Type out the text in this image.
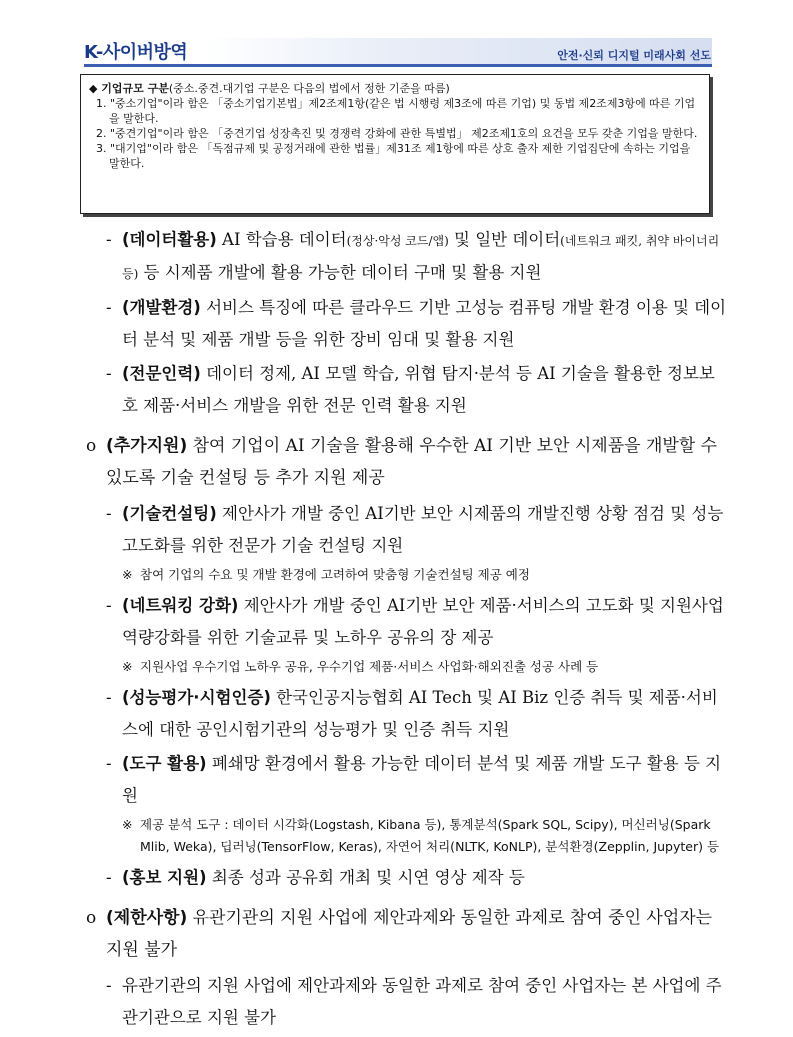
K-사이버방역	안전·신뢰 디지털 미래사회 선도
◆ 기업규모 구분(중소.중견.대기업 구분은 다음의 법에서 정한 기준을 따름)
1. "중소기업"이라 함은 「중소기업기본법」제2조제1항(같은 법 시행령 제3조에 따른 기업) 및 동법 제2조제3항에 따른 기업을 말한다.
2. "중견기업"이라 함은 「중견기업 성장촉진 및 경쟁력 강화에 관한 특별법」 제2조제1호의 요건을 모두 갖춘 기업을 말한다.
3. "대기업"이라 함은 「독점규제 및 공정거래에 관한 법률」제31조 제1항에 따른 상호 출자 제한 기업집단에 속하는 기업을 말한다.
- (데이터활용) AI 학습용 데이터(정상·악성 코드/앱) 및 일반 데이터(네트워크 패킷, 취약 바이너리 등) 등 시제품 개발에 활용 가능한 데이터 구매 및 활용 지원
- (개발환경) 서비스 특징에 따른 클라우드 기반 고성능 컴퓨팅 개발 환경 이용 및 데이터 분석 및 제품 개발 등을 위한 장비 임대 및 활용 지원
- (전문인력) 데이터 정제, AI 모델 학습, 위협 탐지·분석 등 AI 기술을 활용한 정보보호 제품·서비스 개발을 위한 전문 인력 활용 지원
o (추가지원) 참여 기업이 AI 기술을 활용해 우수한 AI 기반 보안 시제품을 개발할 수 있도록 기술 컨설팅 등 추가 지원 제공
- (기술컨설팅) 제안사가 개발 중인 AI기반 보안 시제품의 개발진행 상황 점검 및 성능 고도화를 위한 전문가 기술 컨설팅 지원
※ 참여 기업의 수요 및 개발 환경에 고려하여 맞춤형 기술컨설팅 제공 예정
- (네트워킹 강화) 제안사가 개발 중인 AI기반 보안 제품·서비스의 고도화 및 지원사업 역량강화를 위한 기술교류 및 노하우 공유의 장 제공
※ 지원사업 우수기업 노하우 공유, 우수기업 제품·서비스 사업화·해외진출 성공 사례 등
- (성능평가·시험인증) 한국인공지능협회 AI Tech 및 AI Biz 인증 취득 및 제품·서비스에 대한 공인시험기관의 성능평가 및 인증 취득 지원
- (도구 활용) 폐쇄망 환경에서 활용 가능한 데이터 분석 및 제품 개발 도구 활용 등 지원
※ 제공 분석 도구 : 데이터 시각화(Logstash, Kibana 등), 통계분석(Spark SQL, Scipy), 머신러닝(Spark Mlib, Weka), 딥러닝(TensorFlow, Keras), 자연어 처리(NLTK, KoNLP), 분석환경(Zepplin, Jupyter) 등
- (홍보 지원) 최종 성과 공유회 개최 및 시연 영상 제작 등
o (제한사항) 유관기관의 지원 사업에 제안과제와 동일한 과제로 참여 중인 사업자는 지원 불가
- 유관기관의 지원 사업에 제안과제와 동일한 과제로 참여 중인 사업자는 본 사업에 주관기관으로 지원 불가
